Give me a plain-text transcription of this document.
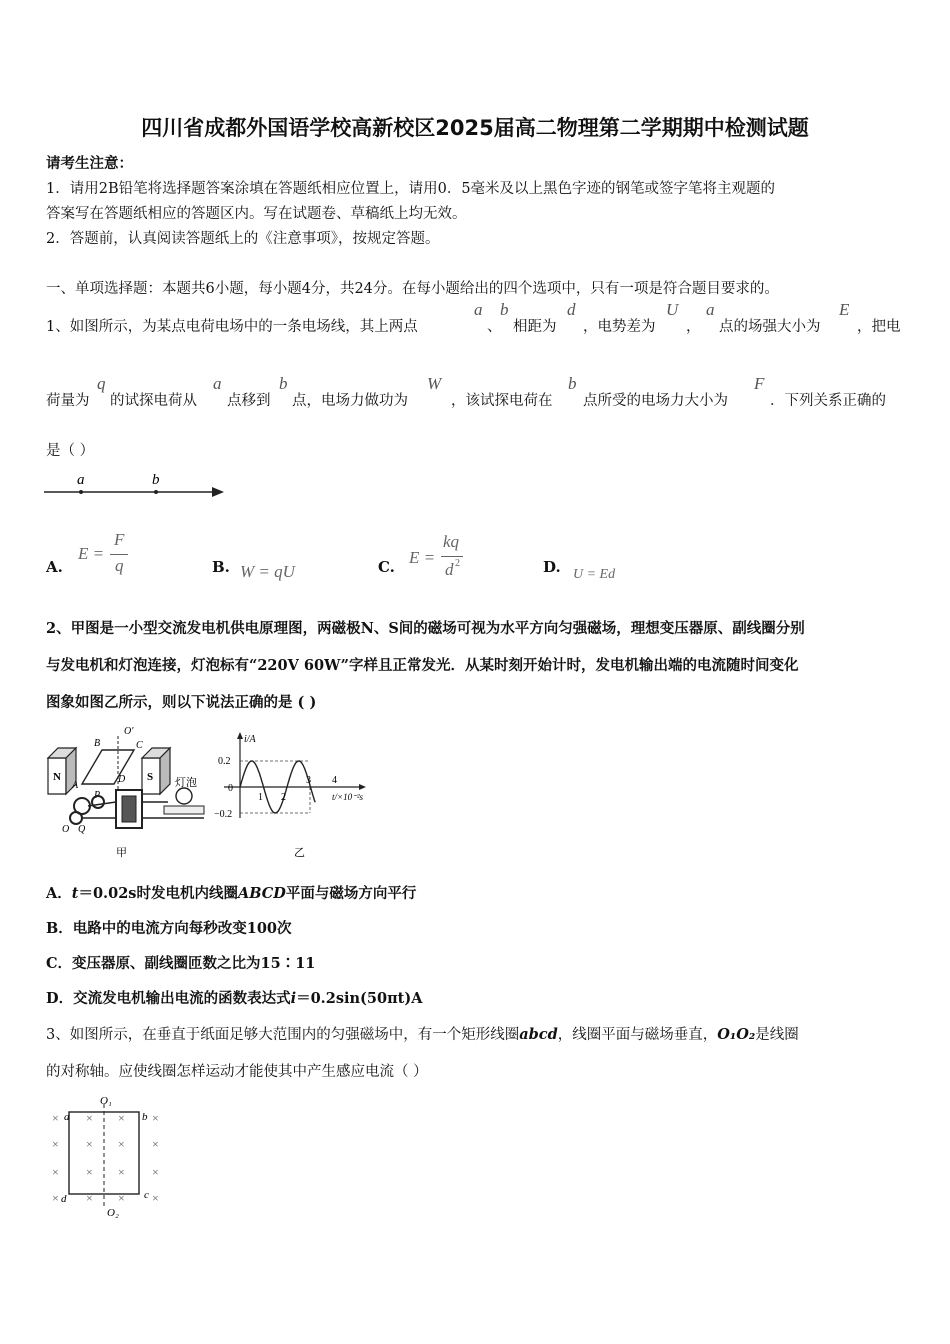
四川省成都外国语学校高新校区2025届高二物理第二学期期中检测试题
请考生注意：
1．请用2B铅笔将选择题答案涂填在答题纸相应位置上，请用0．5毫米及以上黑色字迹的钢笔或签字笔将主观题的
答案写在答题纸相应的答题区内。写在试题卷、草稿纸上均无效。
2．答题前，认真阅读答题纸上的《注意事项》，按规定答题。
一、单项选择题：本题共6小题，每小题4分，共24分。在每小题给出的四个选项中，只有一项是符合题目要求的。
1、如图所示，为某点电荷电场中的一条电场线，其上两点
a
、
b
相距为
d
，电势差为
U
，
a
点的场强大小为
E
，把电
荷量为
q
的试探电荷从
a
点移到
b
点，电场力做功为
W
，该试探电荷在
b
点所受的电场力大小为
F
．下列关系正确的
是（ ）
a	b
A.
E =
F
q	B. W = qU	C. E =
kq
d 2	D. U = Ed
2、甲图是一小型交流发电机供电原理图，两磁极N、S间的磁场可视为水平方向匀强磁场，理想变压器原、副线圈分别
与发电机和灯泡连接，灯泡标有“220V 60W”字样且正常发光．从某时刻开始计时，发电机输出端的电流随时间变化
图象如图乙所示，则以下说法正确的是 ( )
N	S
B	C
O′
A
D
P
O Q
灯泡
甲
i/A
t/×10⁻²s
0.2
−0.2
0
1 2
3 4
乙
A．t＝0.02s时发电机内线圈ABCD平面与磁场方向平行
B．电路中的电流方向每秒改变100次
C．变压器原、副线圈匝数之比为15∶11
D．交流发电机输出电流的函数表达式i＝0.2sin(50πt)A
3、如图所示，在垂直于纸面足够大范围内的匀强磁场中，有一个矩形线圈abcd，线圈平面与磁场垂直，O₁O₂是线圈
的对称轴。应使线圈怎样运动才能使其中产生感应电流（ ）
×
×
×
×
×
×
×
×
×
×
×
×
×
×
×
×
O₁
O₂
a	b
c
d
